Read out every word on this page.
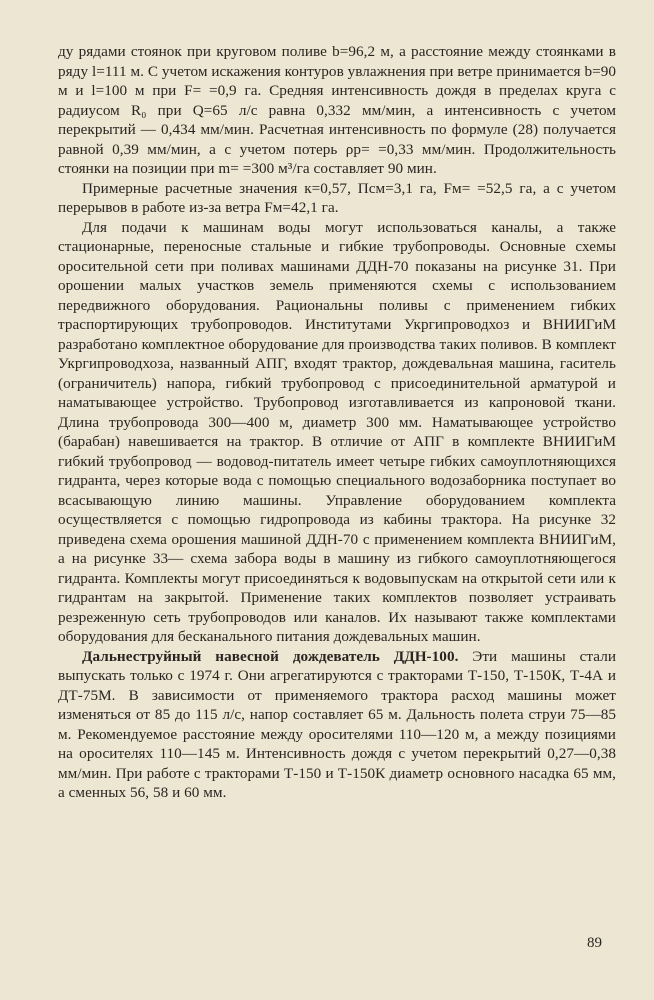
ду рядами стоянок при круговом поливе b=96,2 м, а расстояние между стоянками в ряду l=111 м. С учетом искажения контуров увлажнения при ветре принимается b=90 м и l=100 м при F= =0,9 га. Средняя интенсивность дождя в пределах круга с радиусом R₀ при Q=65 л/с равна 0,332 мм/мин, а интенсивность с учетом перекрытий — 0,434 мм/мин. Расчетная интенсивность по формуле (28) получается равной 0,39 мм/мин, а с учетом потерь ρр= =0,33 мм/мин. Продолжительность стоянки на позиции при m= =300 м³/га составляет 90 мин.

Примерные расчетные значения к=0,57, Псм=3,1 га, Fм= =52,5 га, а с учетом перерывов в работе из-за ветра Fм=42,1 га.

Для подачи к машинам воды могут использоваться каналы, а также стационарные, переносные стальные и гибкие трубопроводы. Основные схемы оросительной сети при поливах машинами ДДН-70 показаны на рисунке 31. При орошении малых участков земель применяются схемы с использованием передвижного оборудования. Рациональны поливы с применением гибких траспортирующих трубопроводов. Институтами Укргипроводхоз и ВНИИГиМ разработано комплектное оборудование для производства таких поливов. В комплект Укргипроводхоза, названный АПГ, входят трактор, дождевальная машина, гаситель (ограничитель) напора, гибкий трубопровод с присоединительной арматурой и наматывающее устройство. Трубопровод изготавливается из капроновой ткани. Длина трубопровода 300—400 м, диаметр 300 мм. Наматывающее устройство (барабан) навешивается на трактор. В отличие от АПГ в комплекте ВНИИГиМ гибкий трубопровод — водовод-питатель имеет четыре гибких самоуплотняющихся гидранта, через которые вода с помощью специального водозаборника поступает во всасывающую линию машины. Управление оборудованием комплекта осуществляется с помощью гидропровода из кабины трактора. На рисунке 32 приведена схема орошения машиной ДДН-70 с применением комплекта ВНИИГиМ, а на рисунке 33— схема забора воды в машину из гибкого самоуплотняющегося гидранта. Комплекты могут присоединяться к водовыпускам на открытой сети или к гидрантам на закрытой. Применение таких комплектов позволяет устраивать резреженную сеть трубопроводов или каналов. Их называют также комплектами оборудования для бесканального питания дождевальных машин.

Дальнеструйный навесной дождеватель ДДН-100. Эти машины стали выпускать только с 1974 г. Они агрегатируются с тракторами Т-150, Т-150К, Т-4А и ДТ-75М. В зависимости от применяемого трактора расход машины может изменяться от 85 до 115 л/с, напор составляет 65 м. Дальность полета струи 75—85 м. Рекомендуемое расстояние между оросителями 110—120 м, а между позициями на оросителях 110—145 м. Интенсивность дождя с учетом перекрытий 0,27—0,38 мм/мин. При работе с тракторами Т-150 и Т-150К диаметр основного насадка 65 мм, а сменных 56, 58 и 60 мм.

89
